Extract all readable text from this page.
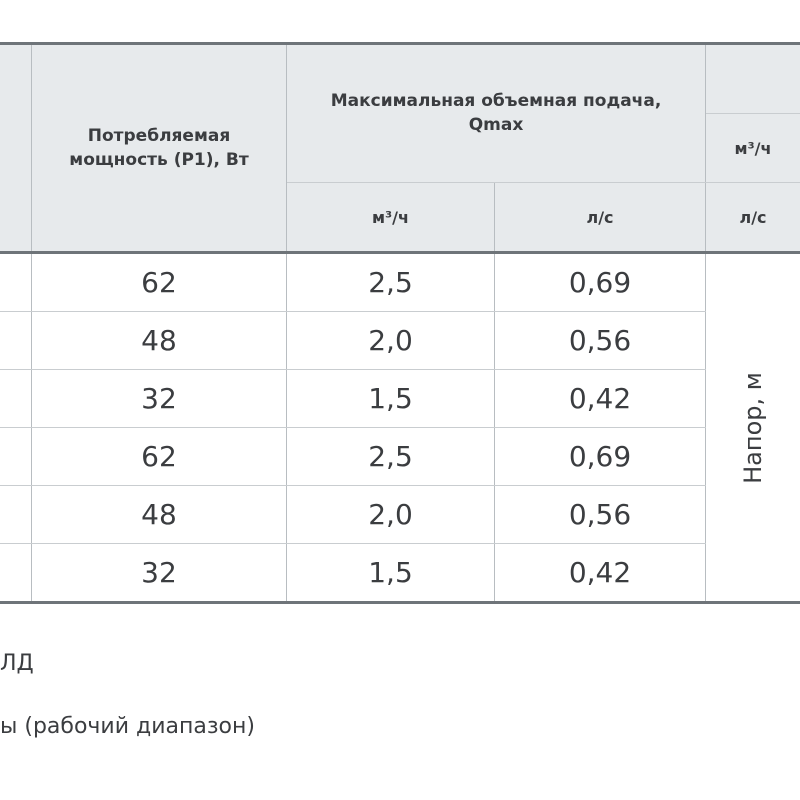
Потребляемая мощность (Р1), Вт
Максимальная объемная подача, Qmax
м³/ч	л/с
м³/ч
л/с
62	2,5	0,69
48	2,0	0,56
32	1,5	0,42
62	2,5	0,69
48	2,0	0,56
32	1,5	0,42
Напор, м
ЛД
ы (рабочий диапазон)
